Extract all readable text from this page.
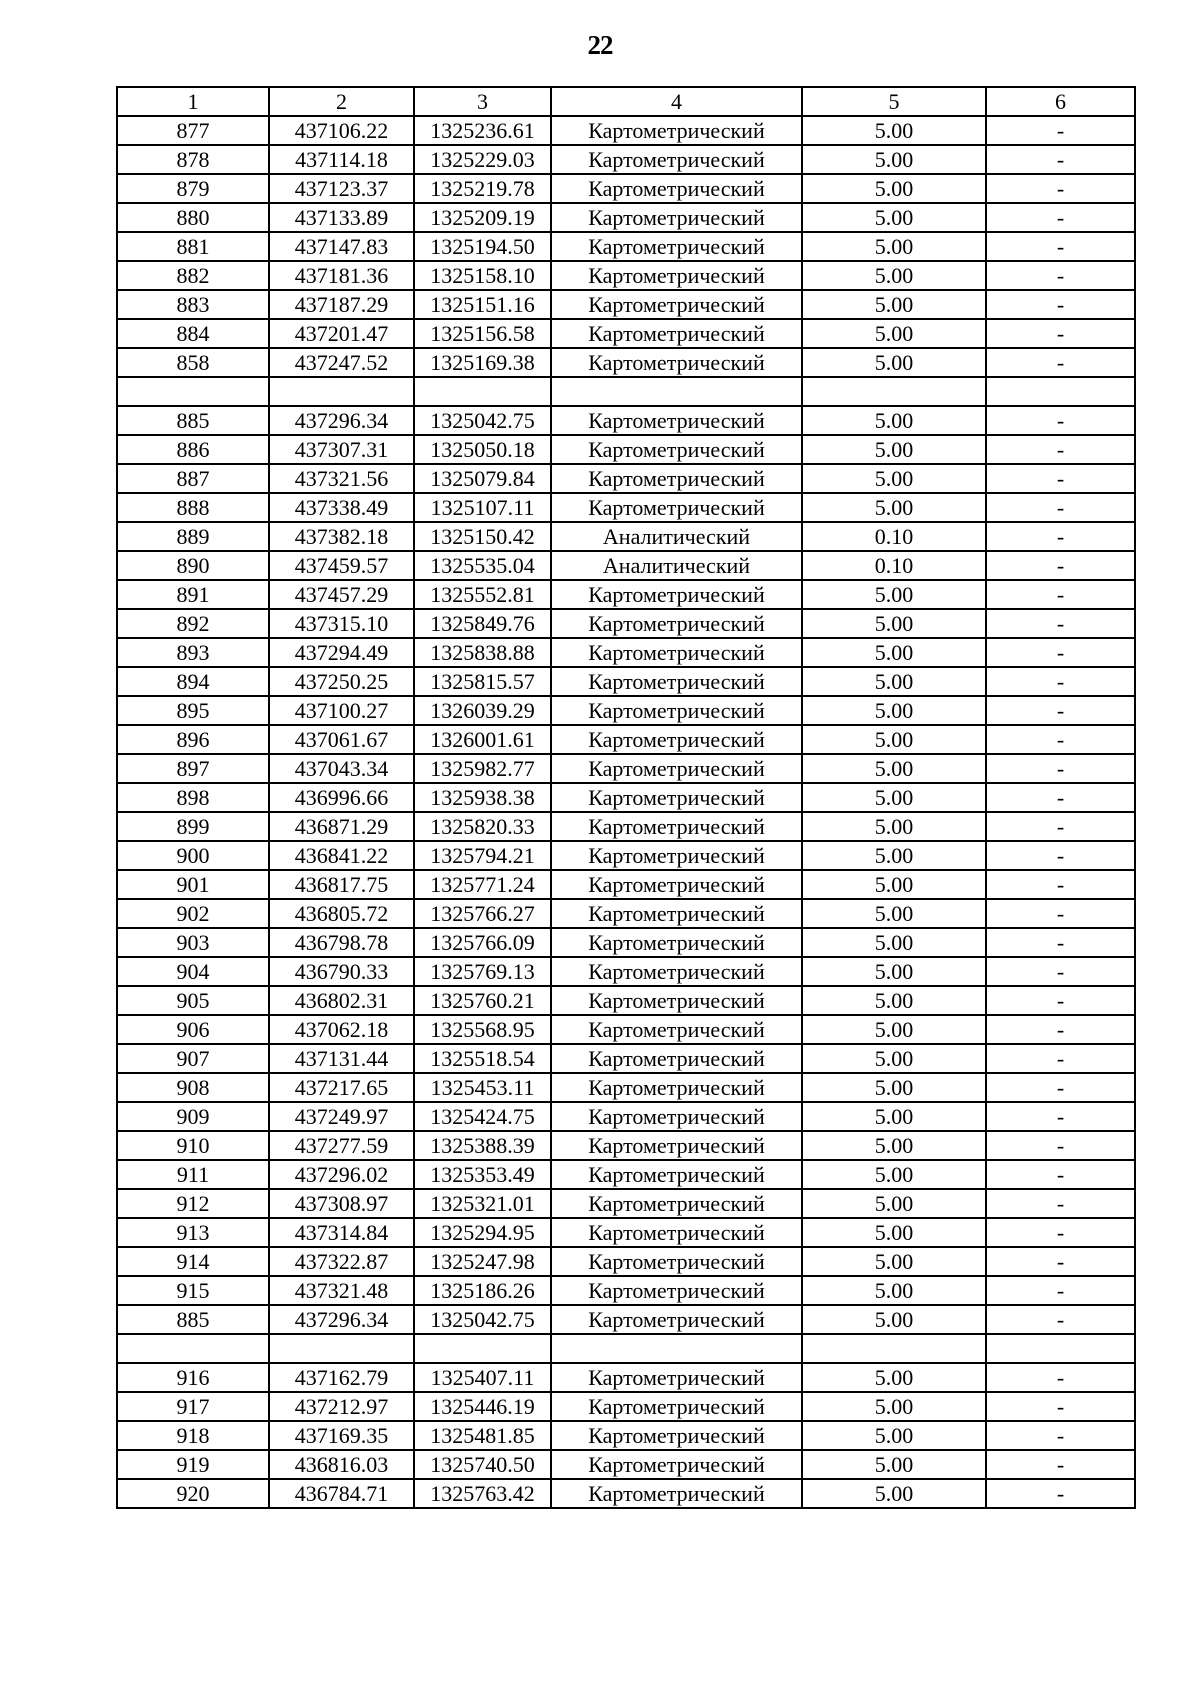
22
1	2	3	4	5	6
877	437106.22	1325236.61	Картометрический	5.00	-
878	437114.18	1325229.03	Картометрический	5.00	-
879	437123.37	1325219.78	Картометрический	5.00	-
880	437133.89	1325209.19	Картометрический	5.00	-
881	437147.83	1325194.50	Картометрический	5.00	-
882	437181.36	1325158.10	Картометрический	5.00	-
883	437187.29	1325151.16	Картометрический	5.00	-
884	437201.47	1325156.58	Картометрический	5.00	-
858	437247.52	1325169.38	Картометрический	5.00	-

885	437296.34	1325042.75	Картометрический	5.00	-
886	437307.31	1325050.18	Картометрический	5.00	-
887	437321.56	1325079.84	Картометрический	5.00	-
888	437338.49	1325107.11	Картометрический	5.00	-
889	437382.18	1325150.42	Аналитический	0.10	-
890	437459.57	1325535.04	Аналитический	0.10	-
891	437457.29	1325552.81	Картометрический	5.00	-
892	437315.10	1325849.76	Картометрический	5.00	-
893	437294.49	1325838.88	Картометрический	5.00	-
894	437250.25	1325815.57	Картометрический	5.00	-
895	437100.27	1326039.29	Картометрический	5.00	-
896	437061.67	1326001.61	Картометрический	5.00	-
897	437043.34	1325982.77	Картометрический	5.00	-
898	436996.66	1325938.38	Картометрический	5.00	-
899	436871.29	1325820.33	Картометрический	5.00	-
900	436841.22	1325794.21	Картометрический	5.00	-
901	436817.75	1325771.24	Картометрический	5.00	-
902	436805.72	1325766.27	Картометрический	5.00	-
903	436798.78	1325766.09	Картометрический	5.00	-
904	436790.33	1325769.13	Картометрический	5.00	-
905	436802.31	1325760.21	Картометрический	5.00	-
906	437062.18	1325568.95	Картометрический	5.00	-
907	437131.44	1325518.54	Картометрический	5.00	-
908	437217.65	1325453.11	Картометрический	5.00	-
909	437249.97	1325424.75	Картометрический	5.00	-
910	437277.59	1325388.39	Картометрический	5.00	-
911	437296.02	1325353.49	Картометрический	5.00	-
912	437308.97	1325321.01	Картометрический	5.00	-
913	437314.84	1325294.95	Картометрический	5.00	-
914	437322.87	1325247.98	Картометрический	5.00	-
915	437321.48	1325186.26	Картометрический	5.00	-
885	437296.34	1325042.75	Картометрический	5.00	-

916	437162.79	1325407.11	Картометрический	5.00	-
917	437212.97	1325446.19	Картометрический	5.00	-
918	437169.35	1325481.85	Картометрический	5.00	-
919	436816.03	1325740.50	Картометрический	5.00	-
920	436784.71	1325763.42	Картометрический	5.00	-
